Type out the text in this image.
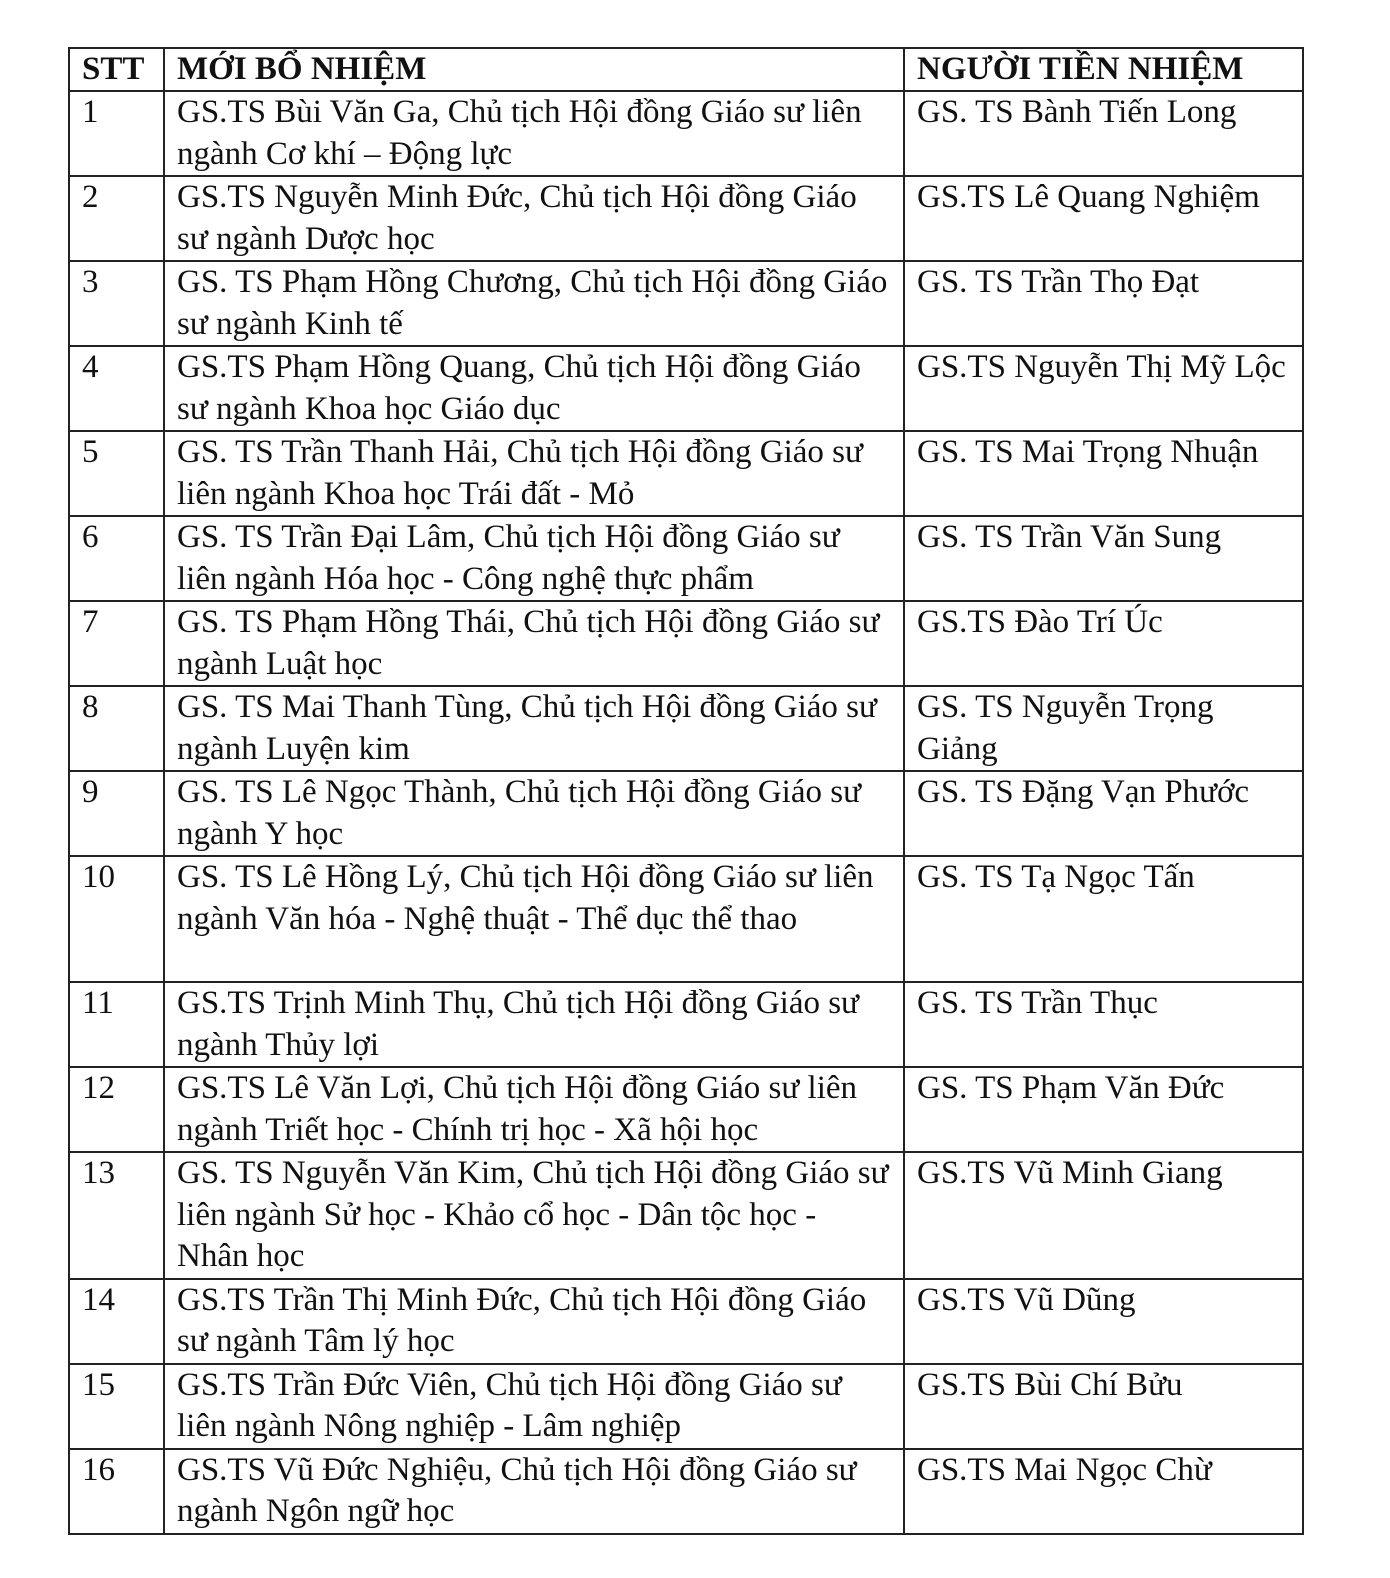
STT	MỚI BỔ NHIỆM	NGƯỜI TIỀN NHIỆM
1	GS.TS Bùi Văn Ga, Chủ tịch Hội đồng Giáo sư liên ngành Cơ khí – Động lực	GS. TS Bành Tiến Long
2	GS.TS Nguyễn Minh Đức, Chủ tịch Hội đồng Giáo sư ngành Dược học	GS.TS Lê Quang Nghiệm
3	GS. TS Phạm Hồng Chương, Chủ tịch Hội đồng Giáo sư ngành Kinh tế	GS. TS Trần Thọ Đạt
4	GS.TS Phạm Hồng Quang, Chủ tịch Hội đồng Giáo sư ngành Khoa học Giáo dục	GS.TS Nguyễn Thị Mỹ Lộc
5	GS. TS Trần Thanh Hải, Chủ tịch Hội đồng Giáo sư liên ngành Khoa học Trái đất - Mỏ	GS. TS Mai Trọng Nhuận
6	GS. TS Trần Đại Lâm, Chủ tịch Hội đồng Giáo sư liên ngành Hóa học - Công nghệ thực phẩm	GS. TS Trần Văn Sung
7	GS. TS Phạm Hồng Thái, Chủ tịch Hội đồng Giáo sư ngành Luật học	GS.TS Đào Trí Úc
8	GS. TS Mai Thanh Tùng, Chủ tịch Hội đồng Giáo sư ngành Luyện kim	GS. TS Nguyễn Trọng Giảng
9	GS. TS Lê Ngọc Thành, Chủ tịch Hội đồng Giáo sư ngành Y học	GS. TS Đặng Vạn Phước
10	GS. TS Lê Hồng Lý, Chủ tịch Hội đồng Giáo sư liên ngành Văn hóa - Nghệ thuật - Thể dục thể thao	GS. TS Tạ Ngọc Tấn
11	GS.TS Trịnh Minh Thụ, Chủ tịch Hội đồng Giáo sư ngành Thủy lợi	GS. TS Trần Thục
12	GS.TS Lê Văn Lợi, Chủ tịch Hội đồng Giáo sư liên ngành Triết học - Chính trị học - Xã hội học	GS. TS Phạm Văn Đức
13	GS. TS Nguyễn Văn Kim, Chủ tịch Hội đồng Giáo sư liên ngành Sử học - Khảo cổ học - Dân tộc học - Nhân học	GS.TS Vũ Minh Giang
14	GS.TS Trần Thị Minh Đức, Chủ tịch Hội đồng Giáo sư ngành Tâm lý học	GS.TS Vũ Dũng
15	GS.TS Trần Đức Viên, Chủ tịch Hội đồng Giáo sư liên ngành Nông nghiệp - Lâm nghiệp	GS.TS Bùi Chí Bửu
16	GS.TS Vũ Đức Nghiệu, Chủ tịch Hội đồng Giáo sư ngành Ngôn ngữ học	GS.TS Mai Ngọc Chừ
